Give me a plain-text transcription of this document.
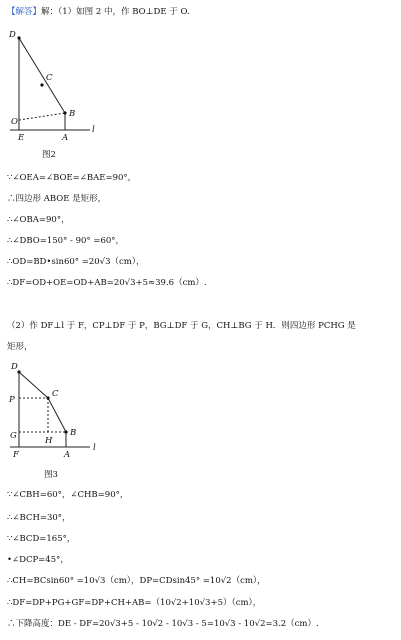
【解答】解：（1）如图 2 中，作 BO⊥DE 于 O.
D
C
B
O
E	A
l
图2
∵∠OEA=∠BOE=∠BAE=90°，
∴四边形 ABOE 是矩形，
∴∠OBA=90°，
∴∠DBO=150° - 90° =60°，
∴OD=BD•sin60° =20√3（cm），
∴DF=OD+OE=OD+AB=20√3+5≈39.6（cm）.
（2）作 DF⊥l 于 F，CP⊥DF 于 P，BG⊥DF 于 G，CH⊥BG 于 H．则四边形 PCHG 是
矩形，
D
C
P
G	H
B
F	A
l
图3
∵∠CBH=60°，∠CHB=90°，
∴∠BCH=30°，
∵∠BCD=165°，
•∠DCP=45°，
∴CH=BCsin60° =10√3（cm），DP=CDsin45° =10√2（cm），
∴DF=DP+PG+GF=DP+CH+AB=（10√2+10√3+5）（cm），
∴下降高度：DE - DF=20√3+5 - 10√2 - 10√3 - 5=10√3 - 10√2=3.2（cm）.
